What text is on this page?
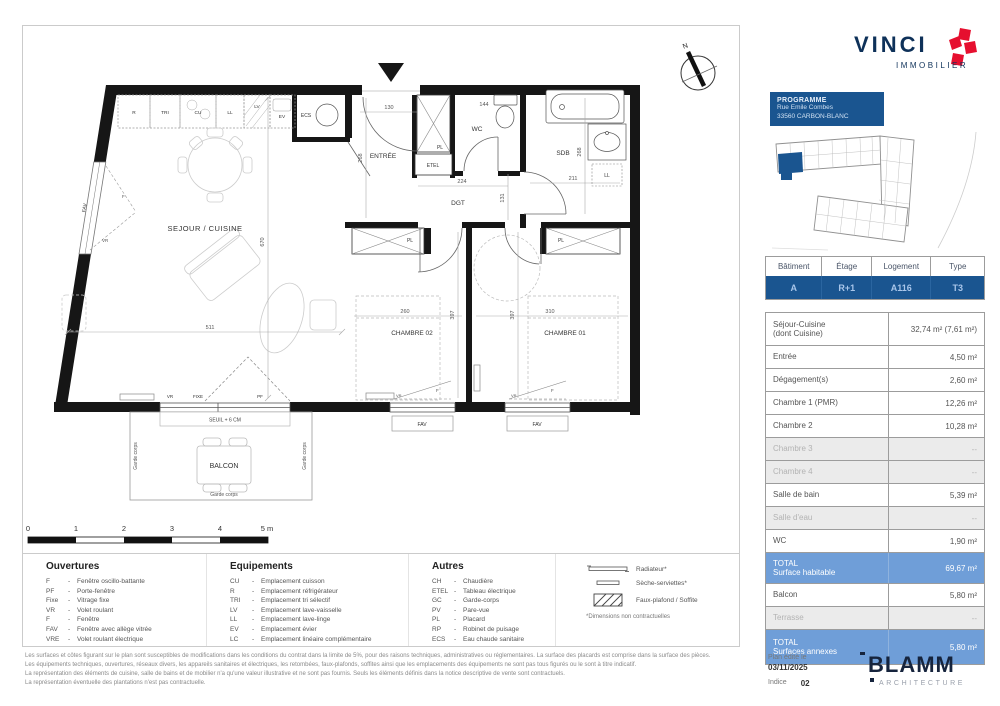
Ouvertures
F	-	Fenêtre oscillo-battante
PF	-	Porte-fenêtre
Fixe	-	Vitrage fixe
VR	-	Volet roulant
F	-	Fenêtre
FAV	-	Fenêtre avec allège vitrée
VRE	-	Volet roulant électrique
Equipements
CU	-	Emplacement cuisson
R	-	Emplacement réfrigérateur
TRI	-	Emplacement tri sélectif
LV	-	Emplacement lave-vaisselle
LL	-	Emplacement lave-linge
EV	-	Emplacement évier
LC	-	Emplacement linéaire complémentaire
Autres
CH	-	Chaudière
ETEL -	Tableau électrique
GC	-	Garde-corps
PV	-	Pare-vue
PL	-	Placard
RP	-	Robinet de puisage
ECS	-	Eau chaude sanitaire
Radiateur*
Sèche-serviettes*
Faux-plafond / Soffite
*Dimensions non contractuelles
FAV
F
VR
PL
ETEL
PL	PL
R	TRI	CU	LL
LV
EV	ECS
LL
VR	FIXE	PF
F
VR
F
VR
FAV	FAV
SEUIL + 6 CM
BALCON
Garde corps	Garde corps
Garde corps
670
511
130
268
144
224
131
211
268
260	397	310
397
SEJOUR / CUISINE
ENTRÉE
WC
SDB
DGT
CHAMBRE 02	CHAMBRE 01
N
0	1	2	3	4	5 m
VINCI
IMMOBILIER
PROGRAMME
Rue Emile Combes
33560 CARBON-BLANC
Bâtiment	Étage	Logement	Type
A	R+1	A116	T3
Séjour-Cuisine
(dont Cuisine)	32,74 m² (7,61 m²)
Entrée	4,50 m²
Dégagement(s)	2,60 m²
Chambre 1 (PMR)	12,26 m²
Chambre 2	10,28 m²
Chambre 3	--
Chambre 4	--
Salle de bain	5,39 m²
Salle d'eau	--
WC	1,90 m²
TOTAL
Surface habitable	69,67 m²
Balcon	5,80 m²
Terrasse	--
TOTAL
Surfaces annexes	5,80 m²
Plan édité le
03/11/2025
Indice 02
BLAMM
ARCHITECTURE
Les surfaces et côtes figurant sur le plan sont susceptibles de modifications dans les conditions du contrat dans la limite de 5%, pour des raisons techniques, administratives ou réglementaires. La surface des placards est comprise dans la surface des pièces.
Les équipements techniques, ouvertures, réseaux divers, les appareils sanitaires et électriques, les retombées, faux-plafonds, soffites ainsi que les emplacements des équipements ne sont pas tous figurés ou le sont à titre indicatif.
La représentation des éléments de cuisine, salle de bains et de mobilier n'a qu'une valeur illustrative et ne sont pas fournis. Seuls les éléments définis dans la notice descriptive de vente sont contractuels.
La représentation éventuelle des plantations n'est pas contractuelle.
